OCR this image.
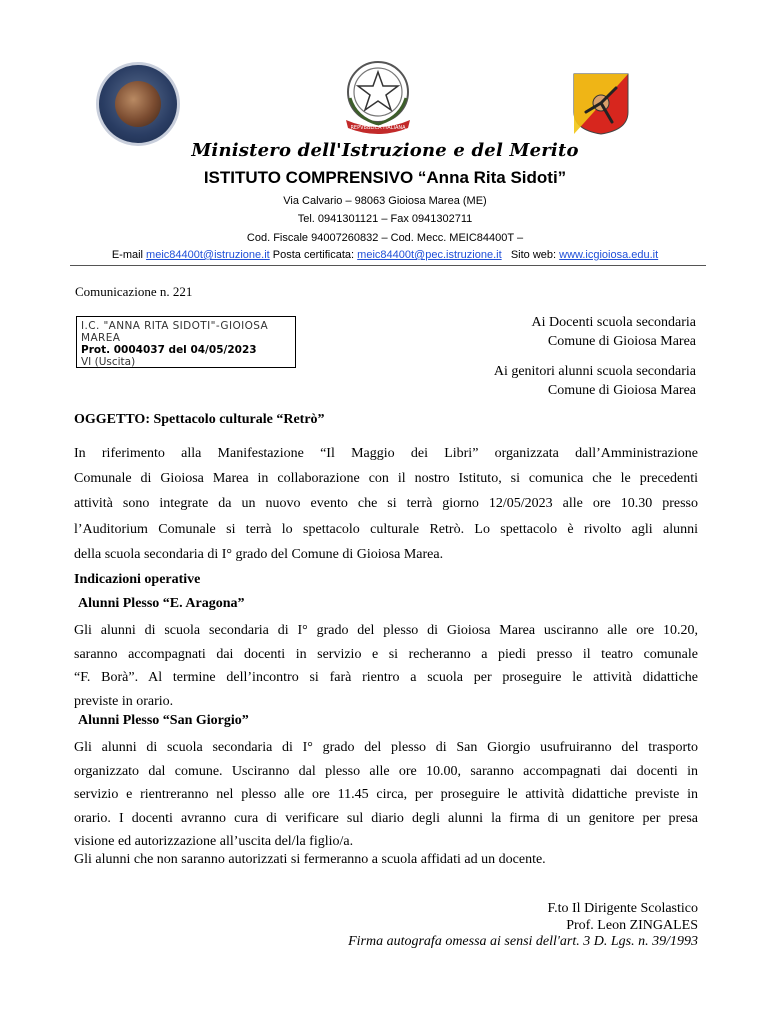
REPVBBLICA ITALIANA
Ministero dell'Istruzione e del Merito
ISTITUTO COMPRENSIVO “Anna Rita Sidoti”
Via Calvario – 98063 Gioiosa Marea (ME)
Tel. 0941301121 – Fax 0941302711
Cod. Fiscale 94007260832 – Cod. Mecc. MEIC84400T –
E-mail meic84400t@istruzione.it Posta certificata: meic84400t@pec.istruzione.it Sito web: www.icgioiosa.edu.it
Comunicazione n. 221
I.C. "ANNA RITA SIDOTI"-GIOIOSA MAREA
Prot. 0004037 del 04/05/2023
VI (Uscita)
Ai Docenti scuola secondaria
Comune di Gioiosa Marea
Ai genitori alunni scuola secondaria
Comune di Gioiosa Marea
OGGETTO: Spettacolo culturale “Retrò”
In riferimento alla Manifestazione “Il Maggio dei Libri” organizzata dall’Amministrazione
Comunale di Gioiosa Marea in collaborazione con il nostro Istituto, si comunica che le precedenti
attività sono integrate da un nuovo evento che si terrà giorno 12/05/2023 alle ore 10.30 presso
l’Auditorium Comunale si terrà lo spettacolo culturale Retrò. Lo spettacolo è rivolto agli alunni
della scuola secondaria di I° grado del Comune di Gioiosa Marea.
Indicazioni operative
Alunni Plesso “E. Aragona”
Gli alunni di scuola secondaria di I° grado del plesso di Gioiosa Marea usciranno alle ore 10.20,
saranno accompagnati dai docenti in servizio e si recheranno a piedi presso il teatro comunale
“F. Borà”. Al termine dell’incontro si farà rientro a scuola per proseguire le attività didattiche
previste in orario.
Alunni Plesso “San Giorgio”
Gli alunni di scuola secondaria di I° grado del plesso di San Giorgio usufruiranno del trasporto
organizzato dal comune. Usciranno dal plesso alle ore 10.00, saranno accompagnati dai docenti in
servizio e rientreranno nel plesso alle ore 11.45 circa, per proseguire le attività didattiche previste in
orario. I docenti avranno cura di verificare sul diario degli alunni la firma di un genitore per presa
visione ed autorizzazione all’uscita del/la figlio/a.
Gli alunni che non saranno autorizzati si fermeranno a scuola affidati ad un docente.
F.to Il Dirigente Scolastico
Prof. Leon ZINGALES
Firma autografa omessa ai sensi dell'art. 3 D. Lgs. n. 39/1993
